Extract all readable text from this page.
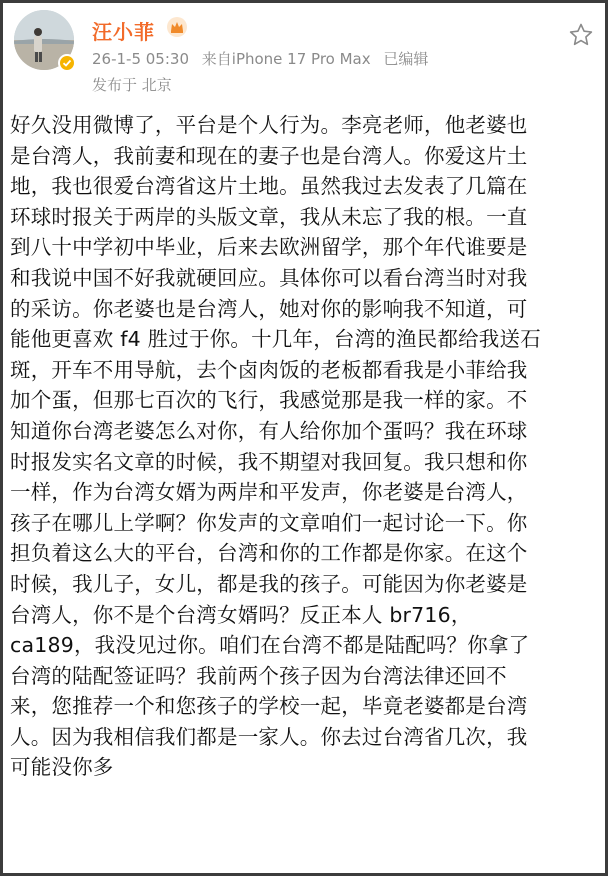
汪小菲
26-1-5 05:30 来自iPhone 17 Pro Max 已编辑
发布于 北京
好久没用微博了，平台是个人行为。李亮老师，他老婆也
是台湾人，我前妻和现在的妻子也是台湾人。你爱这片土
地，我也很爱台湾省这片土地。虽然我过去发表了几篇在
环球时报关于两岸的头版文章，我从未忘了我的根。一直
到八十中学初中毕业，后来去欧洲留学，那个年代谁要是
和我说中国不好我就硬回应。具体你可以看台湾当时对我
的采访。你老婆也是台湾人，她对你的影响我不知道，可
能他更喜欢 f4 胜过于你。十几年，台湾的渔民都给我送石
斑，开车不用导航，去个卤肉饭的老板都看我是小菲给我
加个蛋，但那七百次的飞行，我感觉那是我一样的家。不
知道你台湾老婆怎么对你，有人给你加个蛋吗？我在环球
时报发实名文章的时候，我不期望对我回复。我只想和你
一样，作为台湾女婿为两岸和平发声，你老婆是台湾人，
孩子在哪儿上学啊？你发声的文章咱们一起讨论一下。你
担负着这么大的平台，台湾和你的工作都是你家。在这个
时候，我儿子，女儿，都是我的孩子。可能因为你老婆是
台湾人，你不是个台湾女婿吗？反正本人 br716，
ca189，我没见过你。咱们在台湾不都是陆配吗？你拿了
台湾的陆配签证吗？我前两个孩子因为台湾法律还回不
来，您推荐一个和您孩子的学校一起，毕竟老婆都是台湾
人。因为我相信我们都是一家人。你去过台湾省几次，我
可能没你多
